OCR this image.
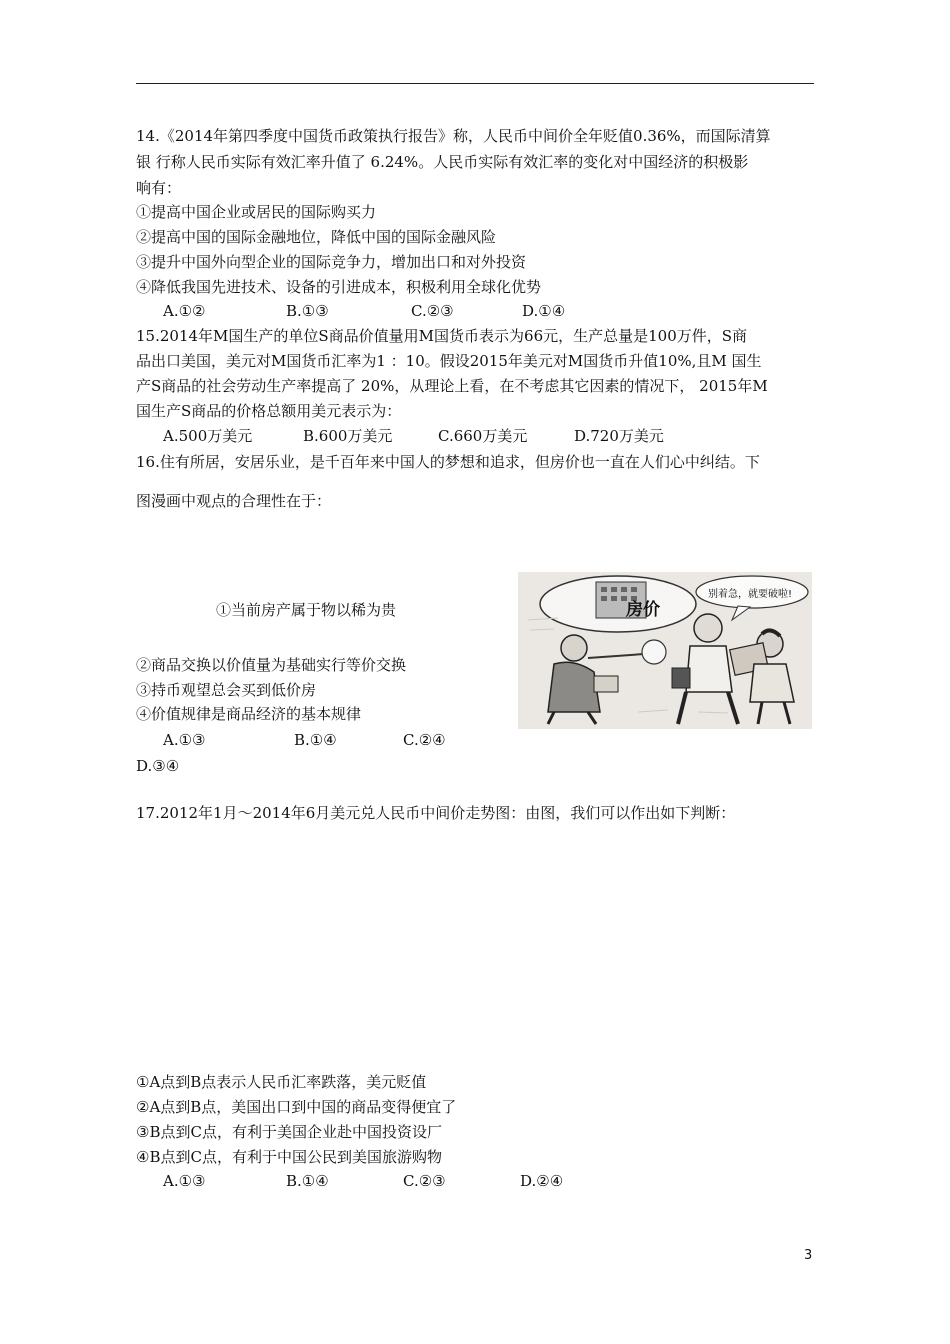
14.《2014年第四季度中国货币政策执行报告》称，人民币中间价全年贬值0.36%，而国际清算
银 行称人民币实际有效汇率升值了 6.24%。人民币实际有效汇率的变化对中国经济的积极影
响有：
①提高中国企业或居民的国际购买力
②提高中国的国际金融地位，降低中国的国际金融风险
③提升中国外向型企业的国际竞争力，增加出口和对外投资
④降低我国先进技术、设备的引进成本，积极利用全球化优势
A.①②	B.①③	C.②③	D.①④
15.2014年M国生产的单位S商品价值量用M国货币表示为66元，生产总量是100万件，S商
品出口美国，美元对M国货币汇率为1 ：10。假设2015年美元对M国货币升值10%,且M 国生
产S商品的社会劳动生产率提高了 20%，从理论上看，在不考虑其它因素的情况下， 2015年M
国生产S商品的价格总额用美元表示为：
A.500万美元	B.600万美元	C.660万美元	D.720万美元
16.住有所居，安居乐业，是千百年来中国人的梦想和追求，但房价也一直在人们心中纠结。下
图漫画中观点的合理性在于：
①当前房产属于物以稀为贵
②商品交换以价值量为基础实行等价交换
③持币观望总会买到低价房
④价值规律是商品经济的基本规律
A.①③	B.①④	C.②④
D.③④
房价
别着急，就要破啦!
17.2012年1月～2014年6月美元兑人民币中间价走势图：由图，我们可以作出如下判断：
①A点到B点表示人民币汇率跌落，美元贬值
②A点到B点，美国出口到中国的商品变得便宜了
③B点到C点，有利于美国企业赴中国投资设厂
④B点到C点，有利于中国公民到美国旅游购物
A.①③	B.①④	C.②③	D.②④
3
